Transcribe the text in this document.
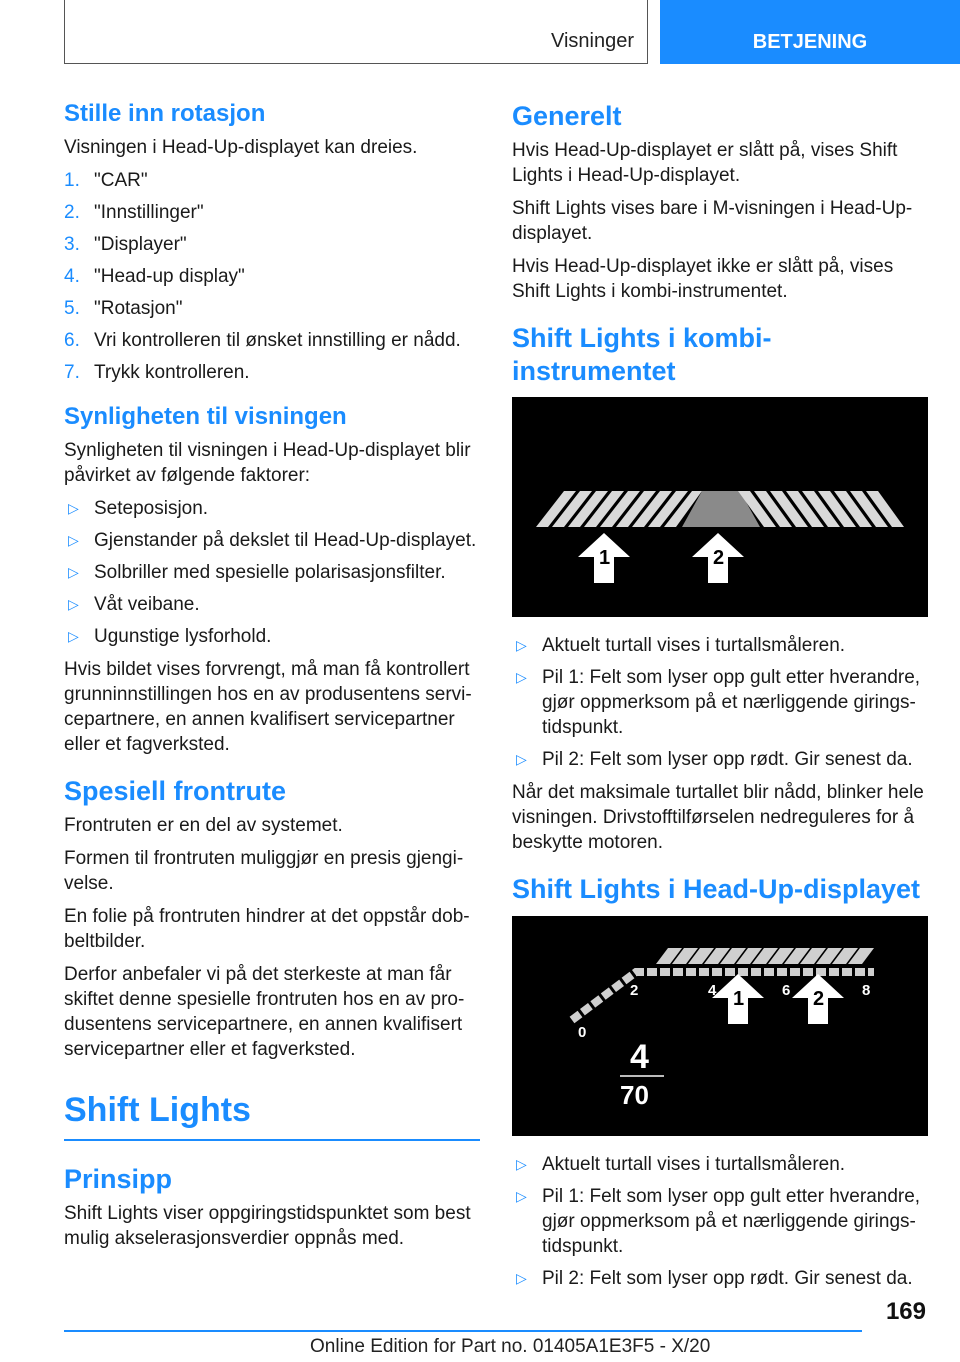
Visninger	BETJENING
Stille inn rotasjon

Visningen i Head-Up-displayet kan dreies.

1. "CAR"
2. "Innstillinger"
3. "Displayer"
4. "Head-up display"
5. "Rotasjon"
6. Vri kontrolleren til ønsket innstilling er nådd.
7. Trykk kontrolleren.
Synligheten til visningen

Synligheten til visningen i Head-Up-displayet blir påvirket av følgende faktorer:

▷ Seteposisjon.
▷ Gjenstander på dekslet til Head-Up-displayet.
▷ Solbriller med spesielle polarisasjonsfilter.
▷ Våt veibane.
▷ Ugunstige lysforhold.

Hvis bildet vises forvrengt, må man få kontrollert grunninnstillingen hos en av produsentens servicepartnere, en annen kvalifisert servicepartner eller et fagverksted.

Spesiell frontrute

Frontruten er en del av systemet.

Formen til frontruten muliggjør en presis gjengivelse.

En folie på frontruten hindrer at det oppstår dobbeltbilder.

Derfor anbefaler vi på det sterkeste at man får skiftet denne spesielle frontruten hos en av produsentens servicepartnere, en annen kvalifisert servicepartner eller et fagverksted.

Shift Lights
Prinsipp

Shift Lights viser oppgiringstidspunktet som best mulig akselerasjonsverdier oppnås med.

Generelt

Hvis Head-Up-displayet er slått på, vises Shift Lights i Head-Up-displayet.

Shift Lights vises bare i M-visningen i Head-Up-displayet.

Hvis Head-Up-displayet ikke er slått på, vises Shift Lights i kombi-instrumentet.

Shift Lights i kombi-instrumentet
1	2
▷ Aktuelt turtall vises i turtallsmåleren.
▷ Pil 1: Felt som lyser opp gult etter hverandre, gjør oppmerksom på et nærliggende giringstidspunkt.
▷ Pil 2: Felt som lyser opp rødt. Gir senest da.

Når det maksimale turtallet blir nådd, blinker hele visningen. Drivstofftilførselen nedreguleres for å beskytte motoren.

Shift Lights i Head-Up-displayet
0
2	4	6	8
1	2
4
70
▷ Aktuelt turtall vises i turtallsmåleren.
▷ Pil 1: Felt som lyser opp gult etter hverandre, gjør oppmerksom på et nærliggende giringstidspunkt.
▷ Pil 2: Felt som lyser opp rødt. Gir senest da.
169
Online Edition for Part no. 01405A1E3F5 - X/20
